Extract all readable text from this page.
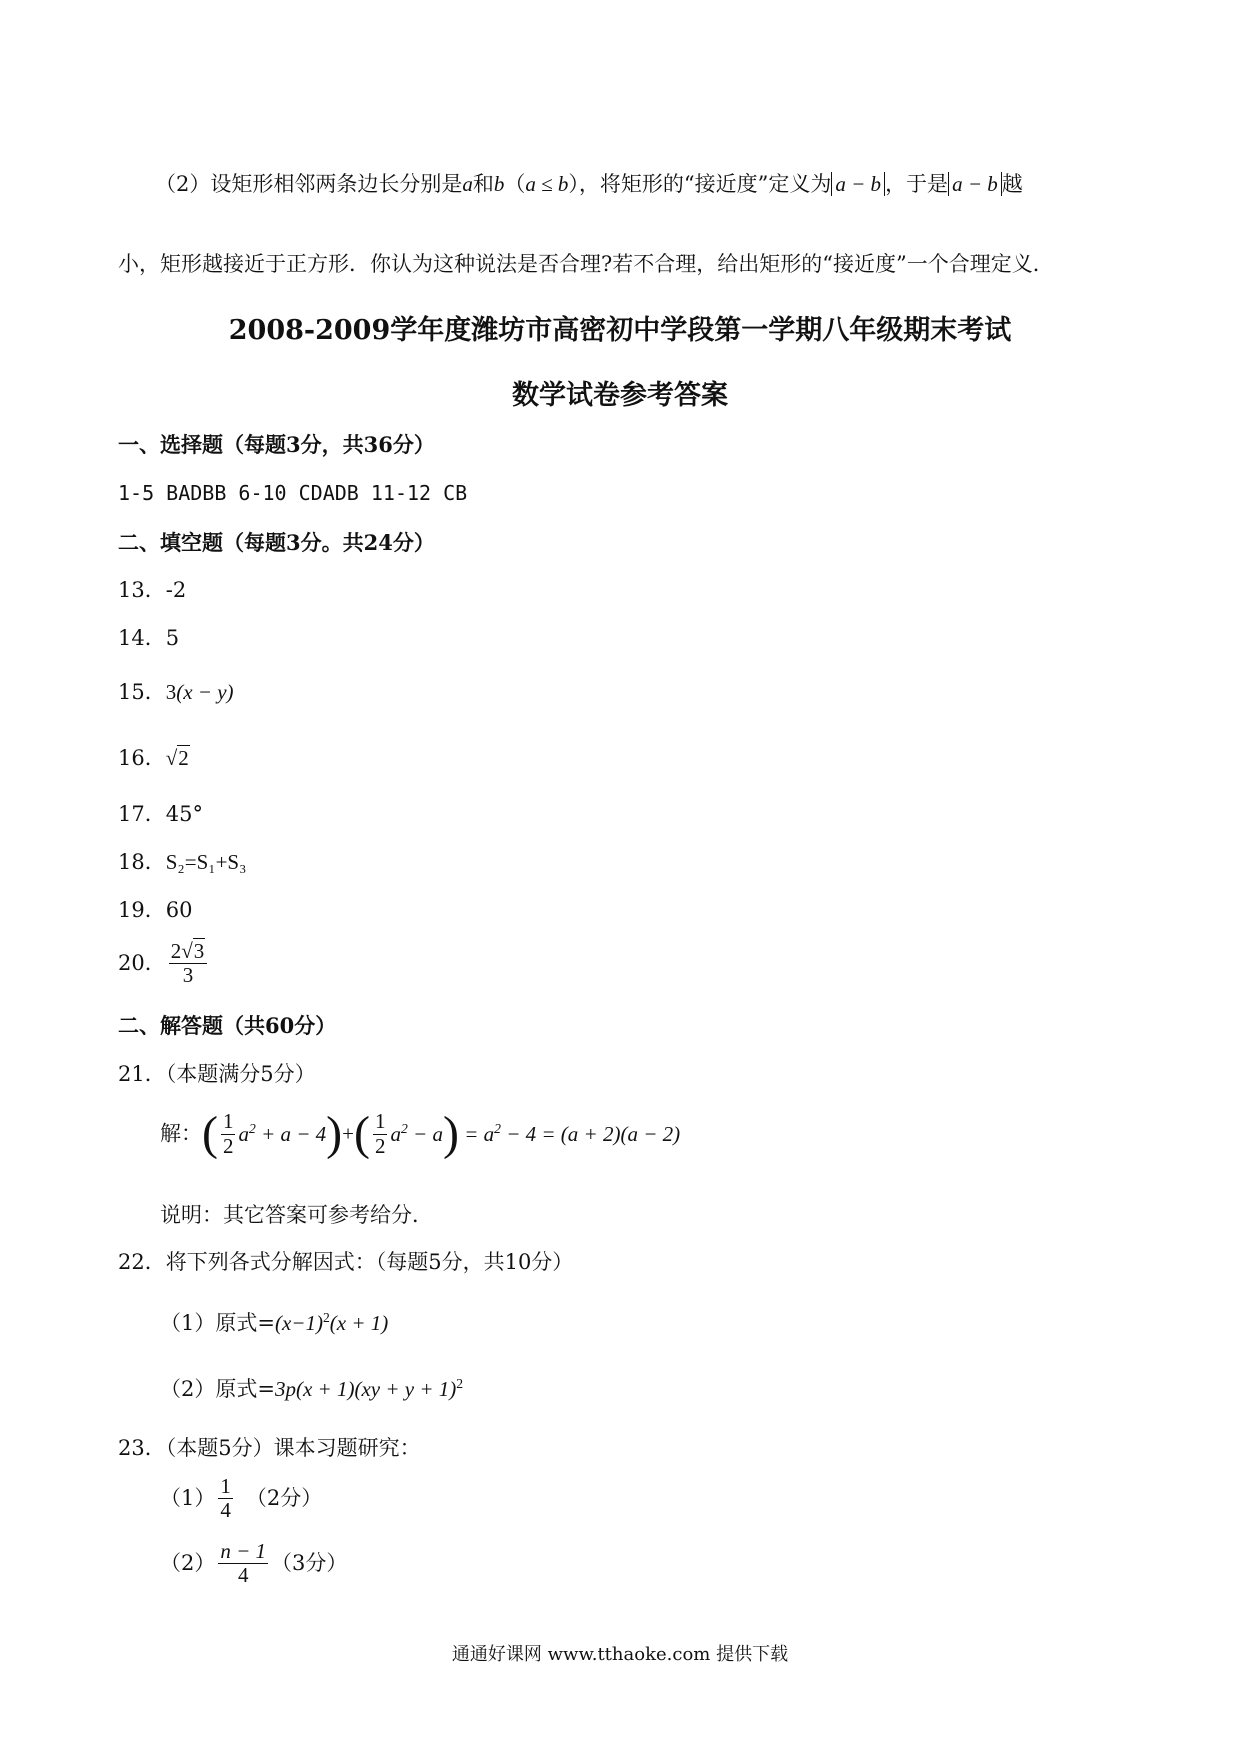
（2）设矩形相邻两条边长分别是a和b（a ≤ b），将矩形的“接近度”定义为 a − b ，于是 a − b 越
小，矩形越接近于正方形．你认为这种说法是否合理?若不合理，给出矩形的“接近度”一个合理定义．
2008-2009学年度潍坊市高密初中学段第一学期八年级期末考试
数学试卷参考答案
一、选择题（每题3分，共36分）
1-5 BADBB 6-10 CDADB 11-12 CB
二、填空题（每题3分。共24分）
13．-2
14．5
15．3(x − y)
16．√2
17．45°
18．S₂=S₁+S₃
19．60
20． $\frac{2√3}{3}$
二、解答题（共60分）
21．（本题满分5分）
解：( $\frac{1}{2} a^2 + a - 4)+( \frac{1}{2} a^2 - a) = a^2 - 4 = (a + 2)(a - 2)$
说明：其它答案可参考给分．
22．将下列各式分解因式：（每题5分，共10分）
（1）原式$=(x-1)^2(x + 1)$
（2）原式=3p(x + 1)(xy + y + 1)$^2$
23．（本题5分）课本习题研究：
$(1) \frac{1}{4} (2$分）
$(2) \frac{n - 1}{4} (3$分）
通通好课网 www.tthaoke.com 提供下载
